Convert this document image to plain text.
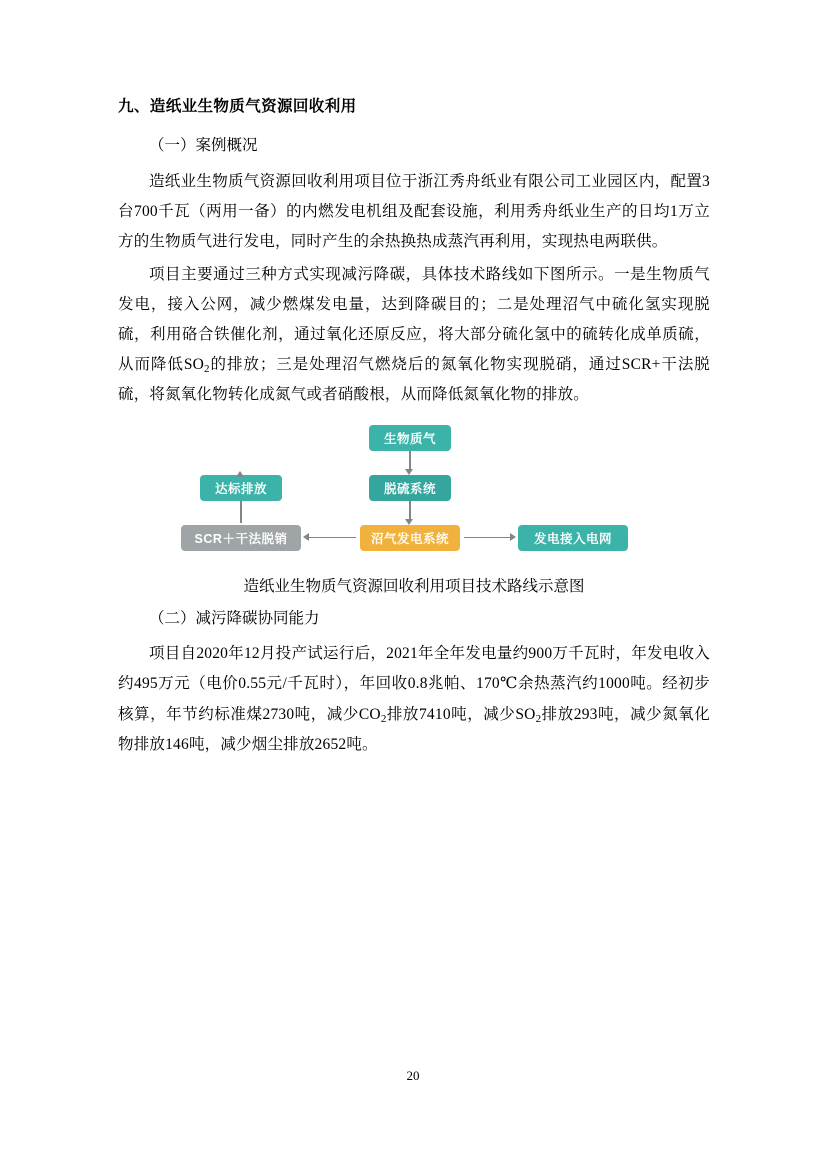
九、造纸业生物质气资源回收利用
（一）案例概况

造纸业生物质气资源回收利用项目位于浙江秀舟纸业有限公司工业园区内，配置3台700千瓦（两用一备）的内燃发电机组及配套设施，利用秀舟纸业生产的日均1万立方的生物质气进行发电，同时产生的余热换热成蒸汽再利用，实现热电两联供。

项目主要通过三种方式实现减污降碳，具体技术路线如下图所示。一是生物质气发电，接入公网，减少燃煤发电量，达到降碳目的；二是处理沼气中硫化氢实现脱硫，利用硌合铁催化剂，通过氧化还原反应，将大部分硫化氢中的硫转化成单质硫，从而降低$SO_2$的排放；三是处理沼气燃烧后的氮氧化物实现脱硝，通过SCR+干法脱硫，将氮氧化物转化成氮气或者硝酸根，从而降低氮氧化物的排放。

生物质气
达标排放	脱硫系统
SCR＋干法脱销	沼气发电系统	发电接入电网
造纸业生物质气资源回收利用项目技术路线示意图
（二）减污降碳协同能力

项目自2020年12月投产试运行后，2021年全年发电量约900万千瓦时，年发电收入约495万元（电价0.55元/千瓦时），年回收0.8兆帕、170℃余热蒸汽约1000吨。经初步核算，年节约标准煤2730吨，减少$CO_2$排放7410吨，减少$SO_2$排放293吨，减少氮氧化物排放146吨，减少烟尘排放2652吨。

20
